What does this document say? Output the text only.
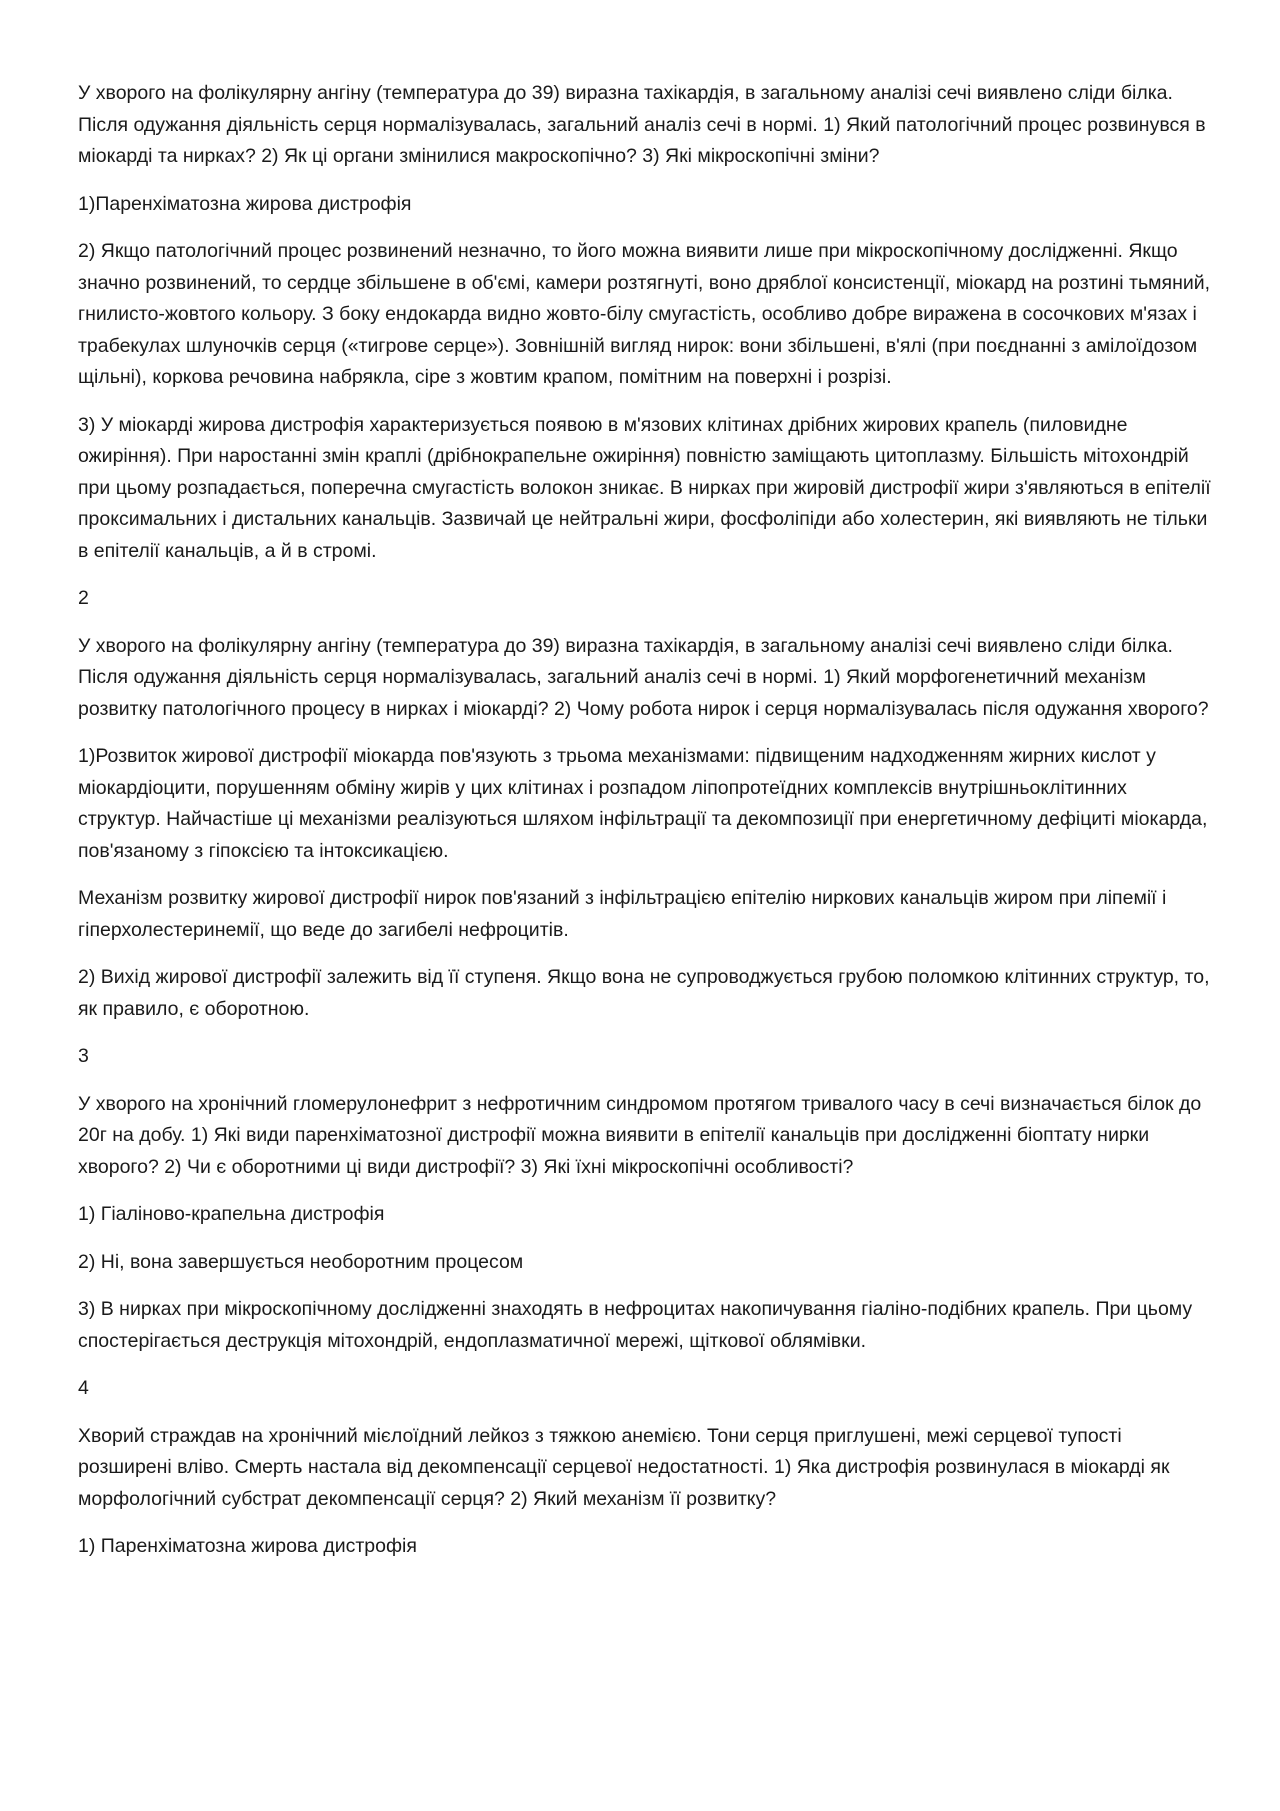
У хворого на фолікулярну ангіну (температура до 39) виразна тахікардія, в загальному аналізі сечі виявлено сліди білка. Після одужання діяльність серця нормалізувалась, загальний аналіз сечі в нормі. 1) Який патологічний процес розвинувся в міокарді та нирках? 2) Як ці органи змінилися макроскопічно? 3) Які мікроскопічні зміни?

1)Паренхіматозна жирова дистрофія

2) Якщо патологічний процес розвинений незначно, то його можна виявити лише при мікроскопічному дослідженні. Якщо значно розвинений, то сердце збільшене в об'ємі, камери розтягнуті, воно дряблої консистенції, міокард на розтині тьмяний, гнилисто-жовтого кольору. З боку ендокарда видно жовто-білу смугастість, особливо добре виражена в сосочкових м'язах і трабекулах шлуночків серця («тигрове серце»). Зовнішній вигляд нирок: вони збільшені, в'ялі (при поєднанні з амілоїдозом щільні), коркова речовина набрякла, сіре з жовтим крапом, помітним на поверхні і розрізі.

3) У міокарді жирова дистрофія характеризується появою в м'язових клітинах дрібних жирових крапель (пиловидне ожиріння). При наростанні змін краплі (дрібнокрапельне ожиріння) повністю заміщають цитоплазму. Більшість мітохондрій при цьому розпадається, поперечна смугастість волокон зникає. В нирках при жировій дистрофії жири з'являються в епітелії проксимальних і дистальних канальців. Зазвичай це нейтральні жири, фосфоліпіди або холестерин, які виявляють не тільки в епітелії канальців, а й в стромі.

2

У хворого на фолікулярну ангіну (температура до 39) виразна тахікардія, в загальному аналізі сечі виявлено сліди білка. Після одужання діяльність серця нормалізувалась, загальний аналіз сечі в нормі. 1) Який морфогенетичний механізм розвитку патологічного процесу в нирках і міокарді? 2) Чому робота нирок і серця нормалізувалась після одужання хворого?

1)Розвиток жирової дистрофії міокарда пов'язують з трьома механізмами: підвищеним надходженням жирних кислот у міокардіоцити, порушенням обміну жирів у цих клітинах і розпадом ліпопротеїдних комплексів внутрішньоклітинних структур. Найчастіше ці механізми реалізуються шляхом інфільтрації та декомпозиції при енергетичному дефіциті міокарда, пов'язаному з гіпоксією та інтоксикацією.

Механізм розвитку жирової дистрофії нирок пов'язаний з інфільтрацією епітелію ниркових канальців жиром при ліпемії і гіперхолестеринемії, що веде до загибелі нефроцитів.

2) Вихід жирової дистрофії залежить від її ступеня. Якщо вона не супроводжується грубою поломкою клітинних структур, то, як правило, є оборотною.

3

У хворого на хронічний гломерулонефрит з нефротичним синдромом протягом тривалого часу в сечі визначається білок до 20г на добу. 1) Які види паренхіматозної дистрофії можна виявити в епітелії канальців при дослідженні біоптату нирки хворого? 2) Чи є оборотними ці види дистрофії? 3) Які їхні мікроскопічні особливості?

1) Гіаліново-крапельна дистрофія

2) Ні, вона завершується необоротним процесом

3) В нирках при мікроскопічному дослідженні знаходять в нефроцитах накопичування гіаліно-подібних крапель. При цьому спостерігається деструкція мітохондрій, ендоплазматичної мережі, щіткової облямівки.

4

Хворий страждав на хронічний мієлоїдний лейкоз з тяжкою анемією. Тони серця приглушені, межі серцевої тупості розширені вліво. Смерть настала від декомпенсації серцевої недостатності. 1) Яка дистрофія розвинулася в міокарді як морфологічний субстрат декомпенсації серця? 2) Який механізм її розвитку?

1) Паренхіматозна жирова дистрофія
